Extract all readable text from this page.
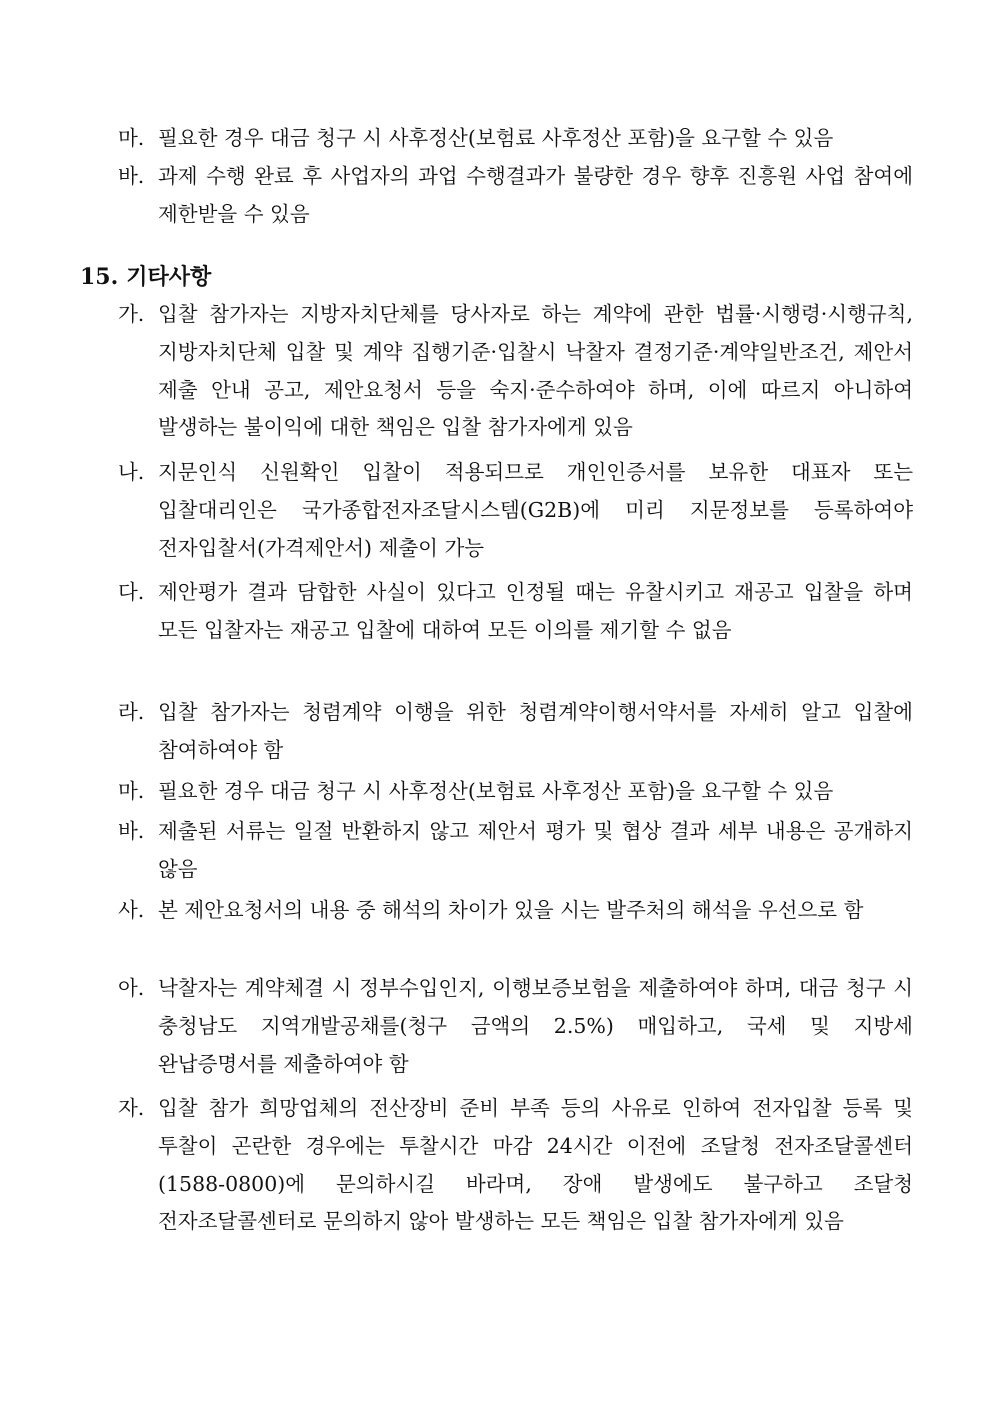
마. 필요한 경우 대금 청구 시 사후정산(보험료 사후정산 포함)을 요구할 수 있음
바. 과제 수행 완료 후 사업자의 과업 수행결과가 불량한 경우 향후 진흥원 사업 참여에 제한받을 수 있음
15. 기타사항
가. 입찰 참가자는 지방자치단체를 당사자로 하는 계약에 관한 법률·시행령·시행규칙, 지방자치단체 입찰 및 계약 집행기준·입찰시 낙찰자 결정기준·계약일반조건, 제안서 제출 안내 공고, 제안요청서 등을 숙지·준수하여야 하며, 이에 따르지 아니하여 발생하는 불이익에 대한 책임은 입찰 참가자에게 있음
나. 지문인식 신원확인 입찰이 적용되므로 개인인증서를 보유한 대표자 또는 입찰대리인은 국가종합전자조달시스템(G2B)에 미리 지문정보를 등록하여야 전자입찰서(가격제안서) 제출이 가능
다. 제안평가 결과 담합한 사실이 있다고 인정될 때는 유찰시키고 재공고 입찰을 하며 모든 입찰자는 재공고 입찰에 대하여 모든 이의를 제기할 수 없음
라. 입찰 참가자는 청렴계약 이행을 위한 청렴계약이행서약서를 자세히 알고 입찰에 참여하여야 함
마. 필요한 경우 대금 청구 시 사후정산(보험료 사후정산 포함)을 요구할 수 있음
바. 제출된 서류는 일절 반환하지 않고 제안서 평가 및 협상 결과 세부 내용은 공개하지 않음
사. 본 제안요청서의 내용 중 해석의 차이가 있을 시는 발주처의 해석을 우선으로 함
아. 낙찰자는 계약체결 시 정부수입인지, 이행보증보험을 제출하여야 하며, 대금 청구 시 충청남도 지역개발공채를(청구 금액의 2.5%) 매입하고, 국세 및 지방세 완납증명서를 제출하여야 함
자. 입찰 참가 희망업체의 전산장비 준비 부족 등의 사유로 인하여 전자입찰 등록 및 투찰이 곤란한 경우에는 투찰시간 마감 24시간 이전에 조달청 전자조달콜센터(1588-0800)에 문의하시길 바라며, 장애 발생에도 불구하고 조달청 전자조달콜센터로 문의하지 않아 발생하는 모든 책임은 입찰 참가자에게 있음
